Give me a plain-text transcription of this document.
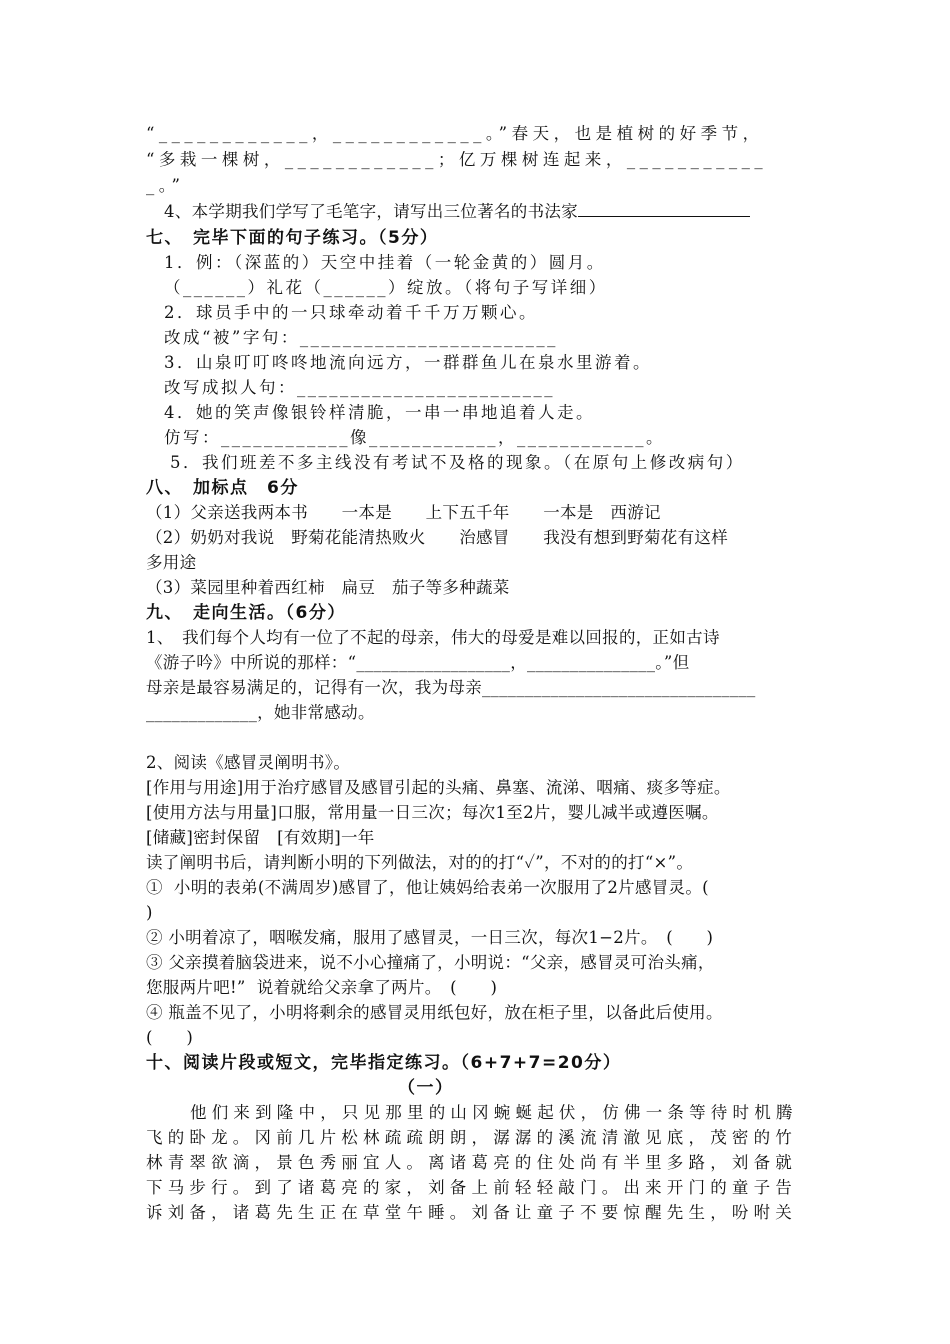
“____________，____________。”春天，也是植树的好季节，
“多栽一棵树，____________；亿万棵树连起来，___________
_。”
4、本学期我们学写了毛笔字，请写出三位著名的书法家
七、　完毕下面的句子练习。（5分）
1．例：（深蓝的）天空中挂着（一轮金黄的）圆月。
（______）礼花（______）绽放。（将句子写详细）
2．球员手中的一只球牵动着千千万万颗心。
改成“被”字句：________________________
3．山泉叮叮咚咚地流向远方，一群群鱼儿在泉水里游着。
改写成拟人句：________________________
4．她的笑声像银铃样清脆，一串一串地追着人走。
仿写：____________像____________，____________。
5．我们班差不多主线没有考试不及格的现象。（在原句上修改病句）
八、　加标点　6分
（1）父亲送我两本书　　一本是　　上下五千年　　一本是　西游记
（2）奶奶对我说　野菊花能清热败火　　治感冒　　我没有想到野菊花有这样
多用途
（3）菜园里种着西红柿　扁豆　茄子等多种蔬菜
九、　走向生活。（6分）
1、　我们每个人均有一位了不起的母亲，伟大的母爱是难以回报的，正如古诗
《游子吟》中所说的那样：“__________________，_______________。”但
母亲是最容易满足的，记得有一次，我为母亲________________________________
_____________，她非常感动。
2、阅读《感冒灵阐明书》。
[作用与用途]用于治疗感冒及感冒引起的头痛、鼻塞、流涕、咽痛、痰多等症。
[使用方法与用量]口服，常用量一日三次；每次1至2片，婴儿减半或遵医嘱。
[储藏]密封保留　[有效期]一年
读了阐明书后，请判断小明的下列做法，对的的打“✓”，不对的的打“×”。
①  小明的表弟(不满周岁)感冒了，他让姨妈给表弟一次服用了2片感冒灵。(
)
② 小明着凉了，咽喉发痛，服用了感冒灵，一日三次，每次1−2片。　(　　)
③ 父亲摸着脑袋进来，说不小心撞痛了，小明说：“父亲，感冒灵可治头痛，
您服两片吧!”  说着就给父亲拿了两片。　(　　)
④ 瓶盖不见了，小明将剩余的感冒灵用纸包好，放在柜子里，以备此后使用。
(　　)
十、阅读片段或短文，完毕指定练习。（6+7+7=20分）
（一）
他们来到隆中，只见那里的山冈蜿蜒起伏，仿佛一条等待时机腾
飞的卧龙。冈前几片松林疏疏朗朗，潺潺的溪流清澈见底，茂密的竹
林青翠欲滴，景色秀丽宜人。离诸葛亮的住处尚有半里多路，刘备就
下马步行。到了诸葛亮的家，刘备上前轻轻敲门。出来开门的童子告
诉刘备，诸葛先生正在草堂午睡。刘备让童子不要惊醒先生，吩咐关
